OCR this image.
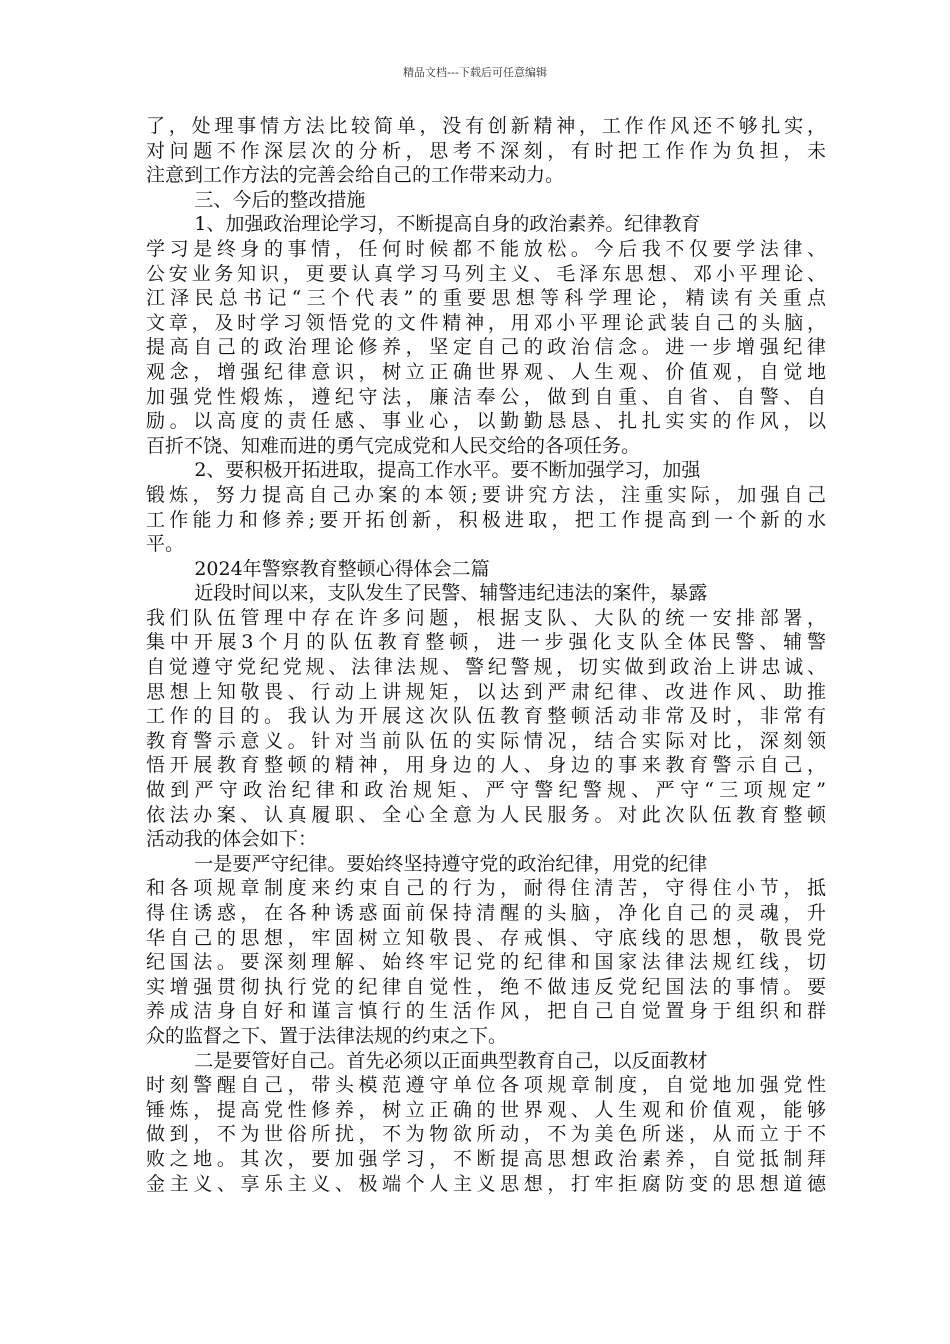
精品文档---下载后可任意编辑
了，处理事情方法比较简单，没有创新精神，工作作风还不够扎实，
对问题不作深层次的分析，思考不深刻，有时把工作作为负担，未
注意到工作方法的完善会给自己的工作带来动力。
三、今后的整改措施
1、加强政治理论学习，不断提高自身的政治素养。纪律教育
学习是终身的事情，任何时候都不能放松。今后我不仅要学法律、
公安业务知识，更要认真学习马列主义、毛泽东思想、邓小平理论、
江泽民总书记“三个代表”的重要思想等科学理论，精读有关重点
文章，及时学习领悟党的文件精神，用邓小平理论武装自己的头脑，
提高自己的政治理论修养，坚定自己的政治信念。进一步增强纪律
观念，增强纪律意识，树立正确世界观、人生观、价值观，自觉地
加强党性煅炼，遵纪守法，廉洁奉公，做到自重、自省、自警、自
励。以高度的责任感、事业心，以勤勤恳恳、扎扎实实的作风，以
百折不饶、知难而进的勇气完成党和人民交给的各项任务。
2、要积极开拓进取，提高工作水平。要不断加强学习，加强
锻炼，努力提高自己办案的本领;要讲究方法，注重实际，加强自己
工作能力和修养;要开拓创新，积极进取，把工作提高到一个新的水
平。
2024年警察教育整顿心得体会二篇
近段时间以来，支队发生了民警、辅警违纪违法的案件，暴露
我们队伍管理中存在许多问题，根据支队、大队的统一安排部署，
集中开展3个月的队伍教育整顿，进一步强化支队全体民警、辅警
自觉遵守党纪党规、法律法规、警纪警规，切实做到政治上讲忠诚、
思想上知敬畏、行动上讲规矩，以达到严肃纪律、改进作风、助推
工作的目的。我认为开展这次队伍教育整顿活动非常及时，非常有
教育警示意义。针对当前队伍的实际情况，结合实际对比，深刻领
悟开展教育整顿的精神，用身边的人、身边的事来教育警示自己，
做到严守政治纪律和政治规矩、严守警纪警规、严守“三项规定”
依法办案、认真履职、全心全意为人民服务。对此次队伍教育整顿
活动我的体会如下：
一是要严守纪律。要始终坚持遵守党的政治纪律，用党的纪律
和各项规章制度来约束自己的行为，耐得住清苦，守得住小节，抵
得住诱惑，在各种诱惑面前保持清醒的头脑，净化自己的灵魂，升
华自己的思想，牢固树立知敬畏、存戒惧、守底线的思想，敬畏党
纪国法。要深刻理解、始终牢记党的纪律和国家法律法规红线，切
实增强贯彻执行党的纪律自觉性，绝不做违反党纪国法的事情。要
养成洁身自好和谨言慎行的生活作风，把自己自觉置身于组织和群
众的监督之下、置于法律法规的约束之下。
二是要管好自己。首先必须以正面典型教育自己，以反面教材
时刻警醒自己，带头模范遵守单位各项规章制度，自觉地加强党性
锤炼，提高党性修养，树立正确的世界观、人生观和价值观，能够
做到，不为世俗所扰，不为物欲所动，不为美色所迷，从而立于不
败之地。其次，要加强学习，不断提高思想政治素养，自觉抵制拜
金主义、享乐主义、极端个人主义思想，打牢拒腐防变的思想道德
